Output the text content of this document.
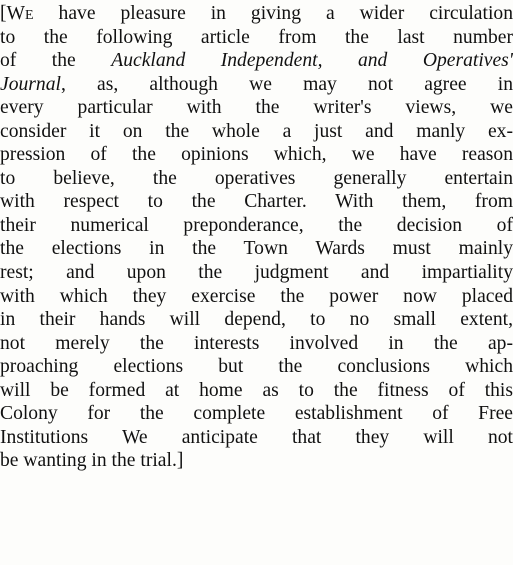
[We have pleasure in giving a wider circulation
to the following article from the last number
of the Auckland Independent, and Operatives'
Journal, as, although we may not agree in
every particular with the writer's views, we
consider it on the whole a just and manly ex-
pression of the opinions which, we have reason
to believe, the operatives generally entertain
with respect to the Charter. With them, from
their numerical preponderance, the decision of
the elections in the Town Wards must mainly
rest; and upon the judgment and impartiality
with which they exercise the power now placed
in their hands will depend, to no small extent,
not merely the interests involved in the ap-
proaching elections but the conclusions which
will be formed at home as to the fitness of this
Colony for the complete establishment of Free
Institutions We anticipate that they will not
be wanting in the trial.]
